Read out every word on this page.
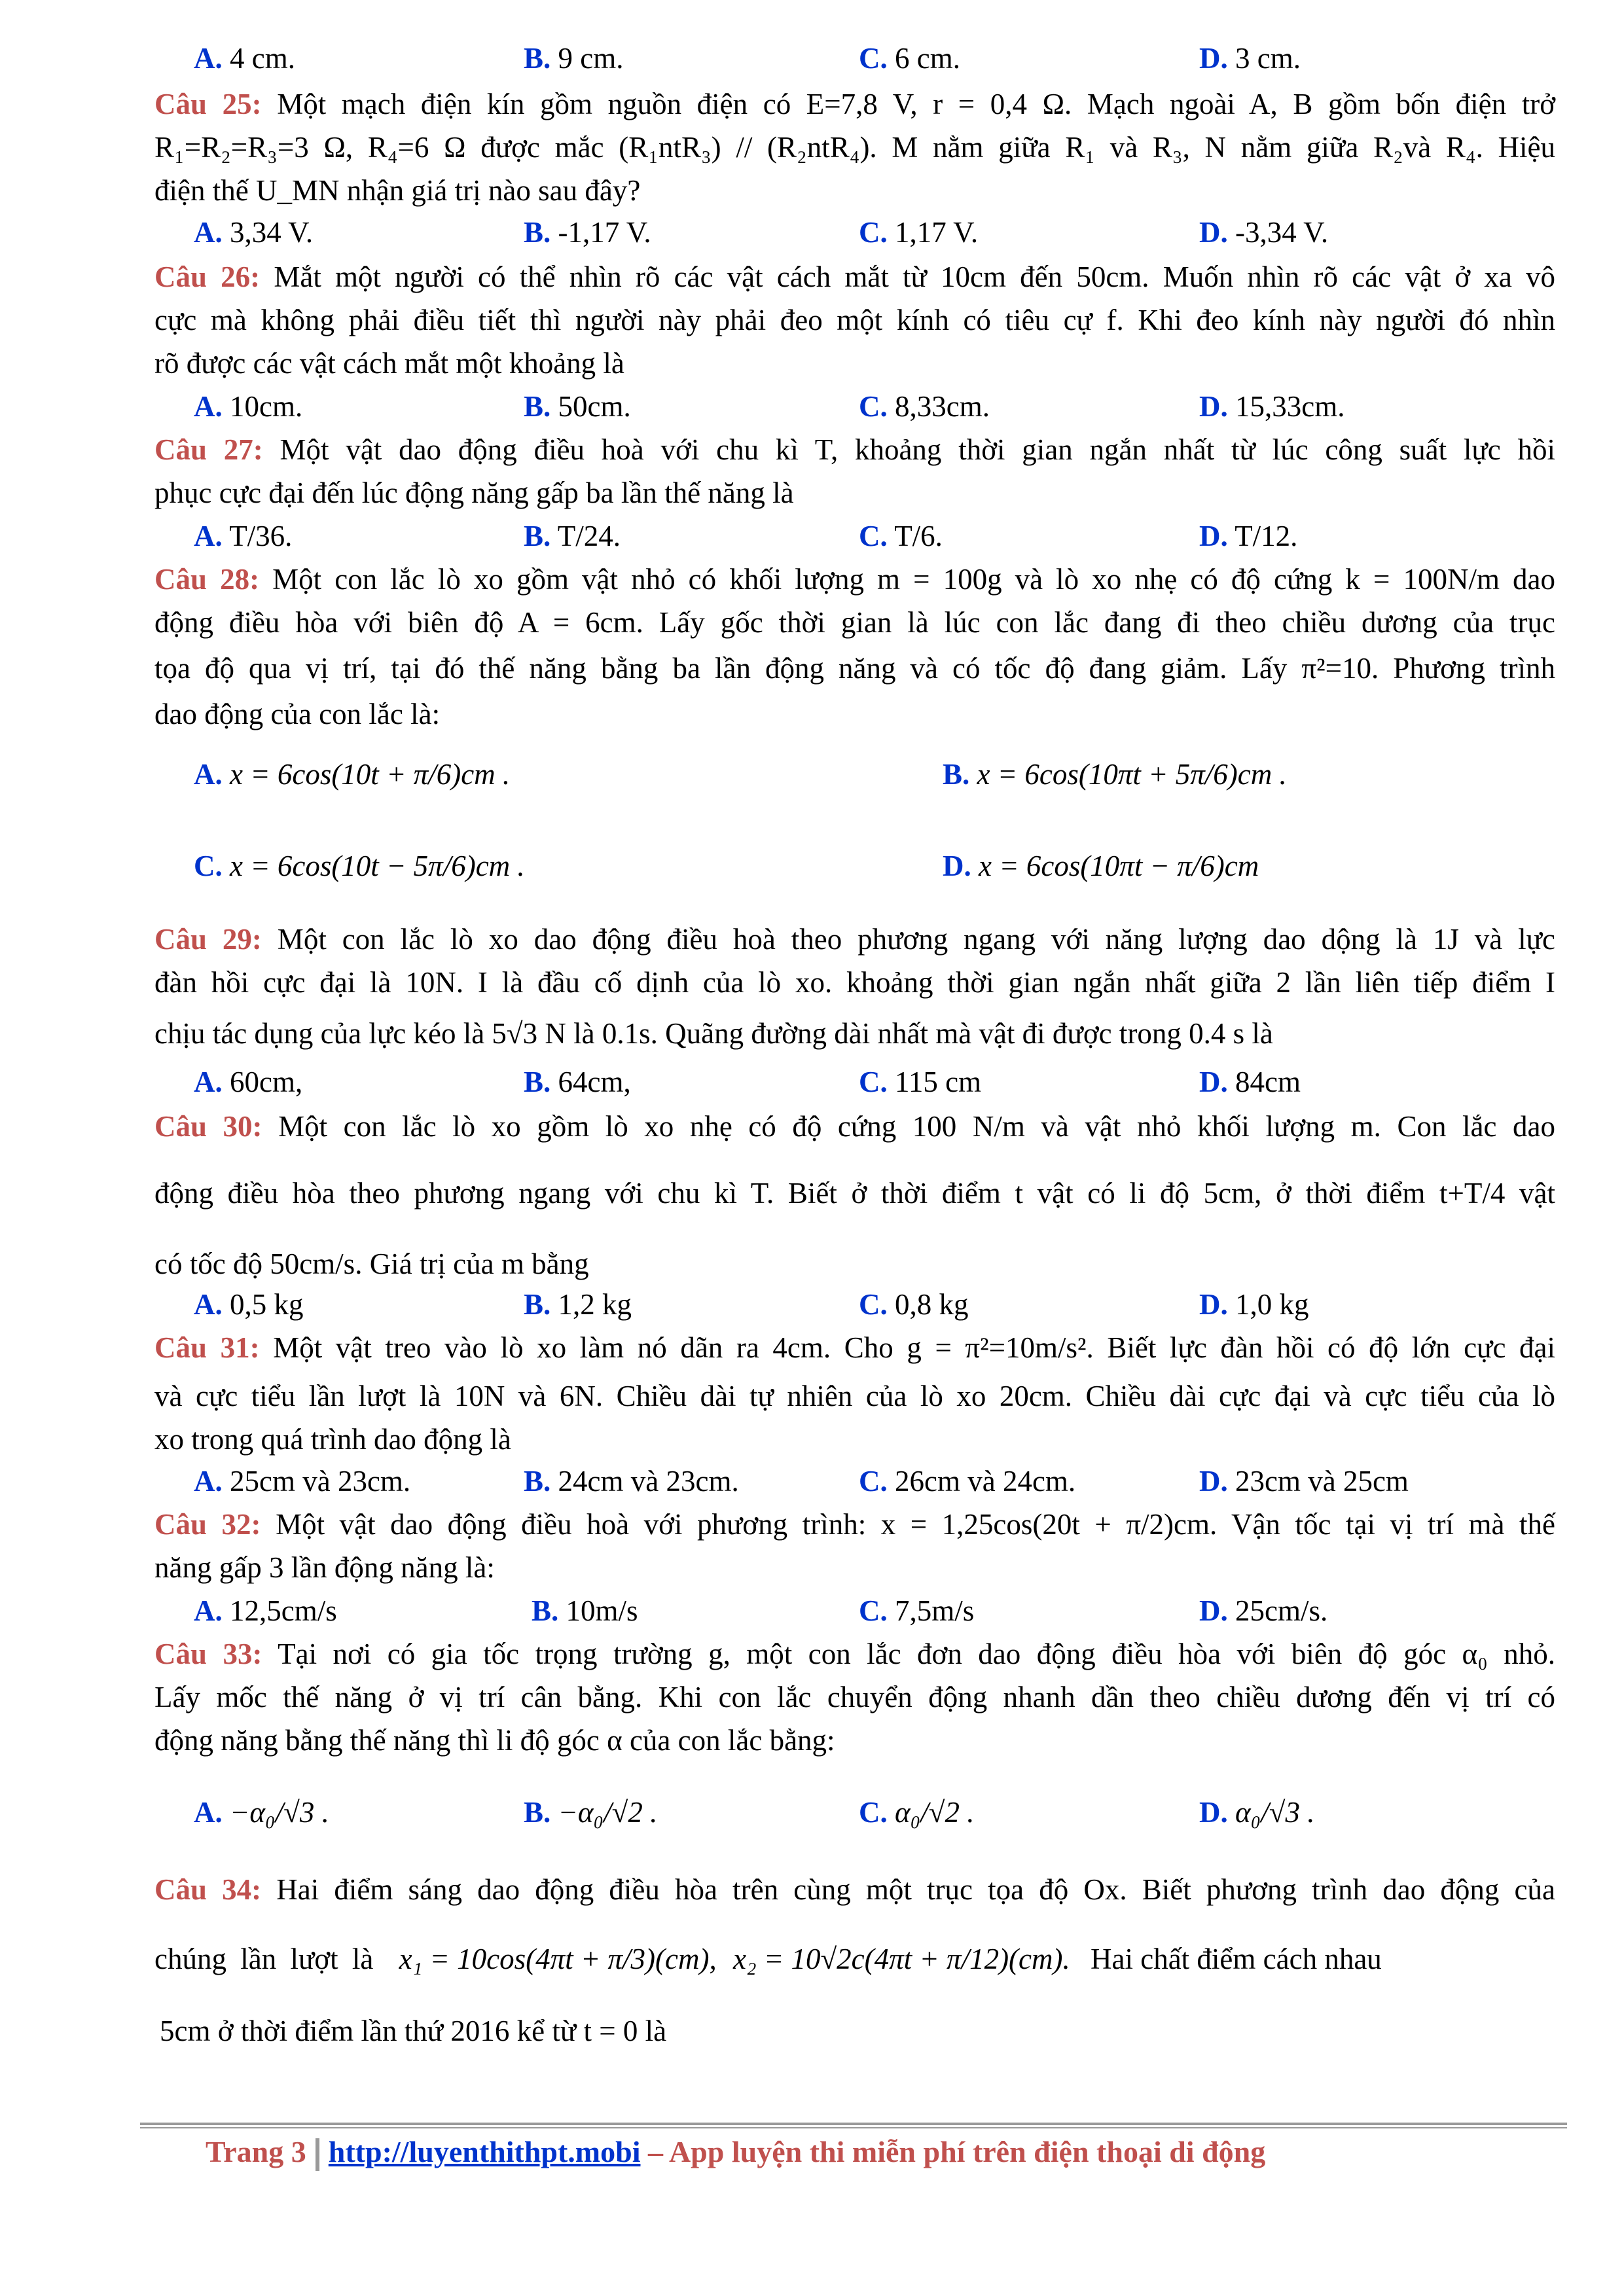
A. 4 cm.	B. 9 cm.	C. 6 cm.	D. 3 cm.
Câu 25: Một mạch điện kín gồm nguồn điện có E=7,8 V, r = 0,4 Ω. Mạch ngoài A, B gồm bốn điện trở
R₁=R₂=R₃=3 Ω, R₄=6 Ω được mắc (R₁ntR₃) // (R₂ntR₄). M nằm giữa R₁ và R₃, N nằm giữa R₂và R₄. Hiệu
điện thế U_MN nhận giá trị nào sau đây?
A. 3,34 V.	B. -1,17 V.	C. 1,17 V.	D. -3,34 V.
Câu 26: Mắt một người có thể nhìn rõ các vật cách mắt từ 10cm đến 50cm. Muốn nhìn rõ các vật ở xa vô
cực mà không phải điều tiết thì người này phải đeo một kính có tiêu cự f. Khi đeo kính này người đó nhìn
rõ được các vật cách mắt một khoảng là
A. 10cm.	B. 50cm.	C. 8,33cm.	D. 15,33cm.
Câu 27: Một vật dao động điều hoà với chu kì T, khoảng thời gian ngắn nhất từ lúc công suất lực hồi
phục cực đại đến lúc động năng gấp ba lần thế năng là
A. T/36.	B. T/24.	C. T/6.	D. T/12.
Câu 28: Một con lắc lò xo gồm vật nhỏ có khối lượng m = 100g và lò xo nhẹ có độ cứng k = 100N/m dao
động điều hòa với biên độ A = 6cm. Lấy gốc thời gian là lúc con lắc đang đi theo chiều dương của trục
tọa độ qua vị trí, tại đó thế năng bằng ba lần động năng và có tốc độ đang giảm. Lấy π²=10. Phương trình
dao động của con lắc là:
A. x = 6cos(10t + π/6)cm .	B. x = 6cos(10πt + 5π/6)cm .
C. x = 6cos(10t − 5π/6)cm .	D. x = 6cos(10πt − π/6)cm
Câu 29: Một con lắc lò xo dao động điều hoà theo phương ngang với năng lượng dao dộng là 1J và lực
đàn hồi cực đại là 10N. I là đầu cố dịnh của lò xo. khoảng thời gian ngắn nhất giữa 2 lần liên tiếp điểm I
chịu tác dụng của lực kéo là 5√3 N là 0.1s. Quãng đường dài nhất mà vật đi được trong 0.4 s là
A. 60cm,	B. 64cm,	C. 115 cm	D. 84cm
Câu 30: Một con lắc lò xo gồm lò xo nhẹ có độ cứng 100 N/m và vật nhỏ khối lượng m. Con lắc dao
động điều hòa theo phương ngang với chu kì T. Biết ở thời điểm t vật có li độ 5cm, ở thời điểm t+T/4 vật
có tốc độ 50cm/s. Giá trị của m bằng
A. 0,5 kg	B. 1,2 kg	C. 0,8 kg	D. 1,0 kg
Câu 31: Một vật treo vào lò xo làm nó dãn ra 4cm. Cho g = π²=10m/s². Biết lực đàn hồi có độ lớn cực đại
và cực tiểu lần lượt là 10N và 6N. Chiều dài tự nhiên của lò xo 20cm. Chiều dài cực đại và cực tiểu của lò
xo trong quá trình dao động là
A. 25cm và 23cm.	B. 24cm và 23cm.	C. 26cm và 24cm.	D. 23cm và 25cm
Câu 32: Một vật dao động điều hoà với phương trình: x = 1,25cos(20t + π/2)cm. Vận tốc tại vị trí mà thế
năng gấp 3 lần động năng là:
A. 12,5cm/s	B. 10m/s	C. 7,5m/s	D. 25cm/s.
Câu 33: Tại nơi có gia tốc trọng trường g, một con lắc đơn dao động điều hòa với biên độ góc α₀ nhỏ.
Lấy mốc thế năng ở vị trí cân bằng. Khi con lắc chuyển động nhanh dần theo chiều dương đến vị trí có
động năng bằng thế năng thì li độ góc α của con lắc bằng:
A. −α₀/√3 .	B. −α₀/√2 .	C. α₀/√2 .	D. α₀/√3 .
Câu 34: Hai điểm sáng dao động điều hòa trên cùng một trục tọa độ Ox. Biết phương trình dao động của
chúng lần lượt là x₁ = 10cos(4πt + π/3)(cm), x₂ = 10√2c(4πt + π/12)(cm). Hai chất điểm cách nhau
5cm ở thời điểm lần thứ 2016 kể từ t = 0 là
Trang 3 http://luyenthithpt.mobi – App luyện thi miễn phí trên điện thoại di động
